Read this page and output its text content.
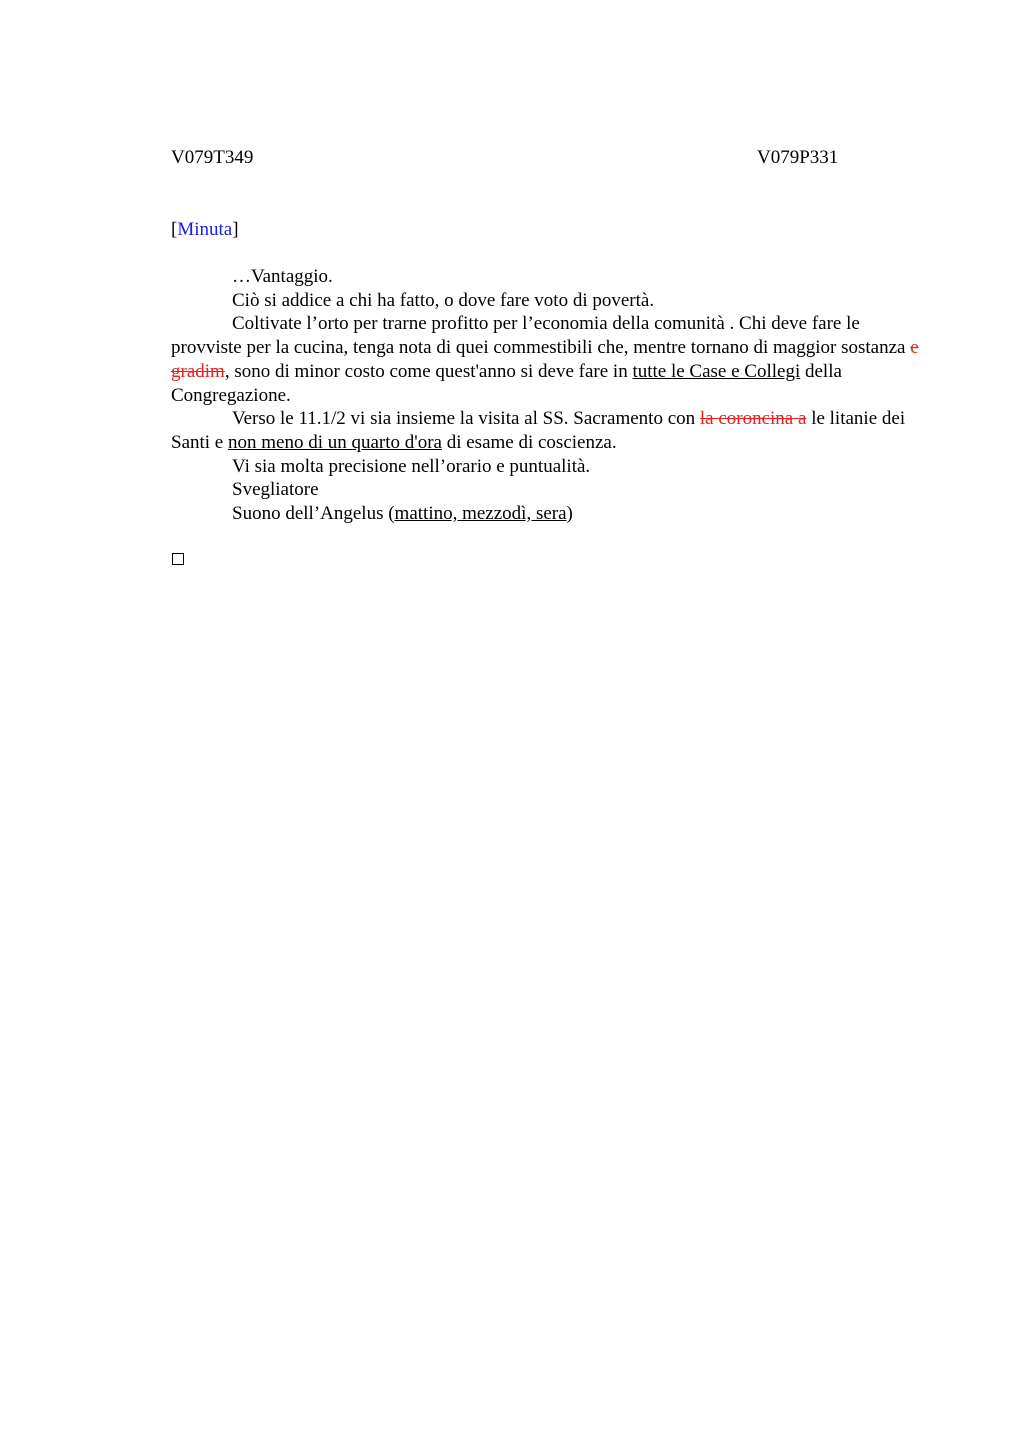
V079T349	V079P331
[Minuta]

…Vantaggio.

Ciò si addice a chi ha fatto, o dove fare voto di povertà.

Coltivate l’orto per trarne profitto per l’economia della comunità . Chi deve fare le provviste per la cucina, tenga nota di quei commestibili che, mentre tornano di maggior sostanza e gradim, sono di minor costo come quest'anno si deve fare in tutte le Case e Collegi della Congregazione.

Verso le 11.1/2 vi sia insieme la visita al SS. Sacramento con la coroncina a le litanie dei Santi e non meno di un quarto d'ora di esame di coscienza.

Vi sia molta precisione nell’orario e puntualità.

Svegliatore

Suono dell’Angelus (mattino, mezzodì, sera)
